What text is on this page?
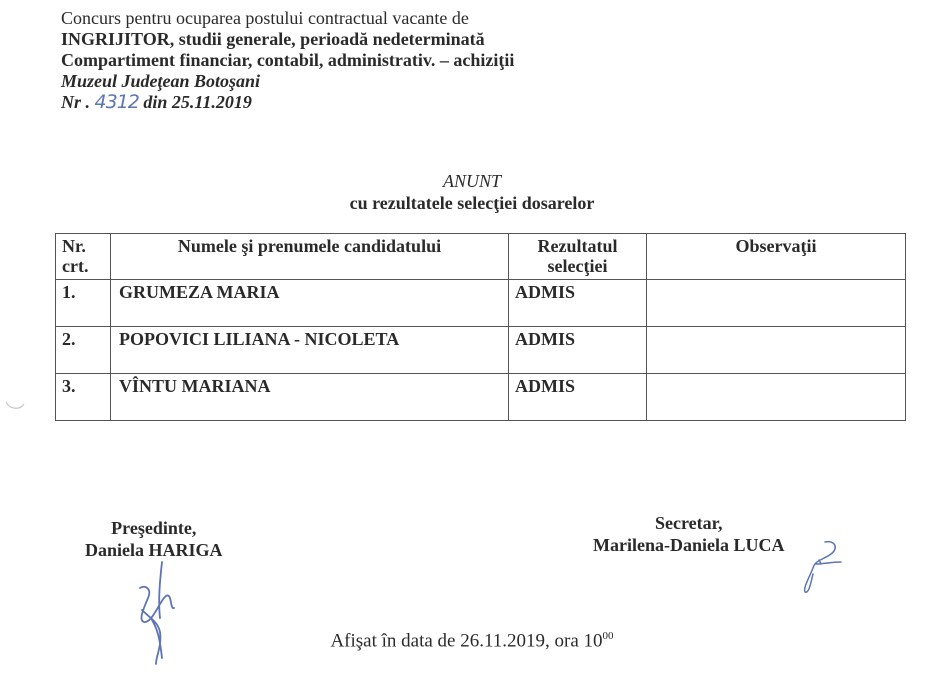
Concurs pentru ocuparea postului contractual vacante de
INGRIJITOR, studii generale, perioadă nedeterminată
Compartiment financiar, contabil, administrativ. – achiziţii
Muzeul Judeţean Botoşani
Nr . 4312 din 25.11.2019
ANUNT
cu rezultatele selecţiei dosarelor
Nr. crt.	Numele şi prenumele candidatului	Rezultatul selecţiei	Observaţii
1.	GRUMEZA MARIA	ADMIS	
2.	POPOVICI LILIANA - NICOLETA	ADMIS	
3.	VÎNTU MARIANA	ADMIS	
Preşedinte,
Daniela HARIGA
Secretar,
Marilena-Daniela LUCA
Afişat în data de 26.11.2019, ora $10^{00}$
